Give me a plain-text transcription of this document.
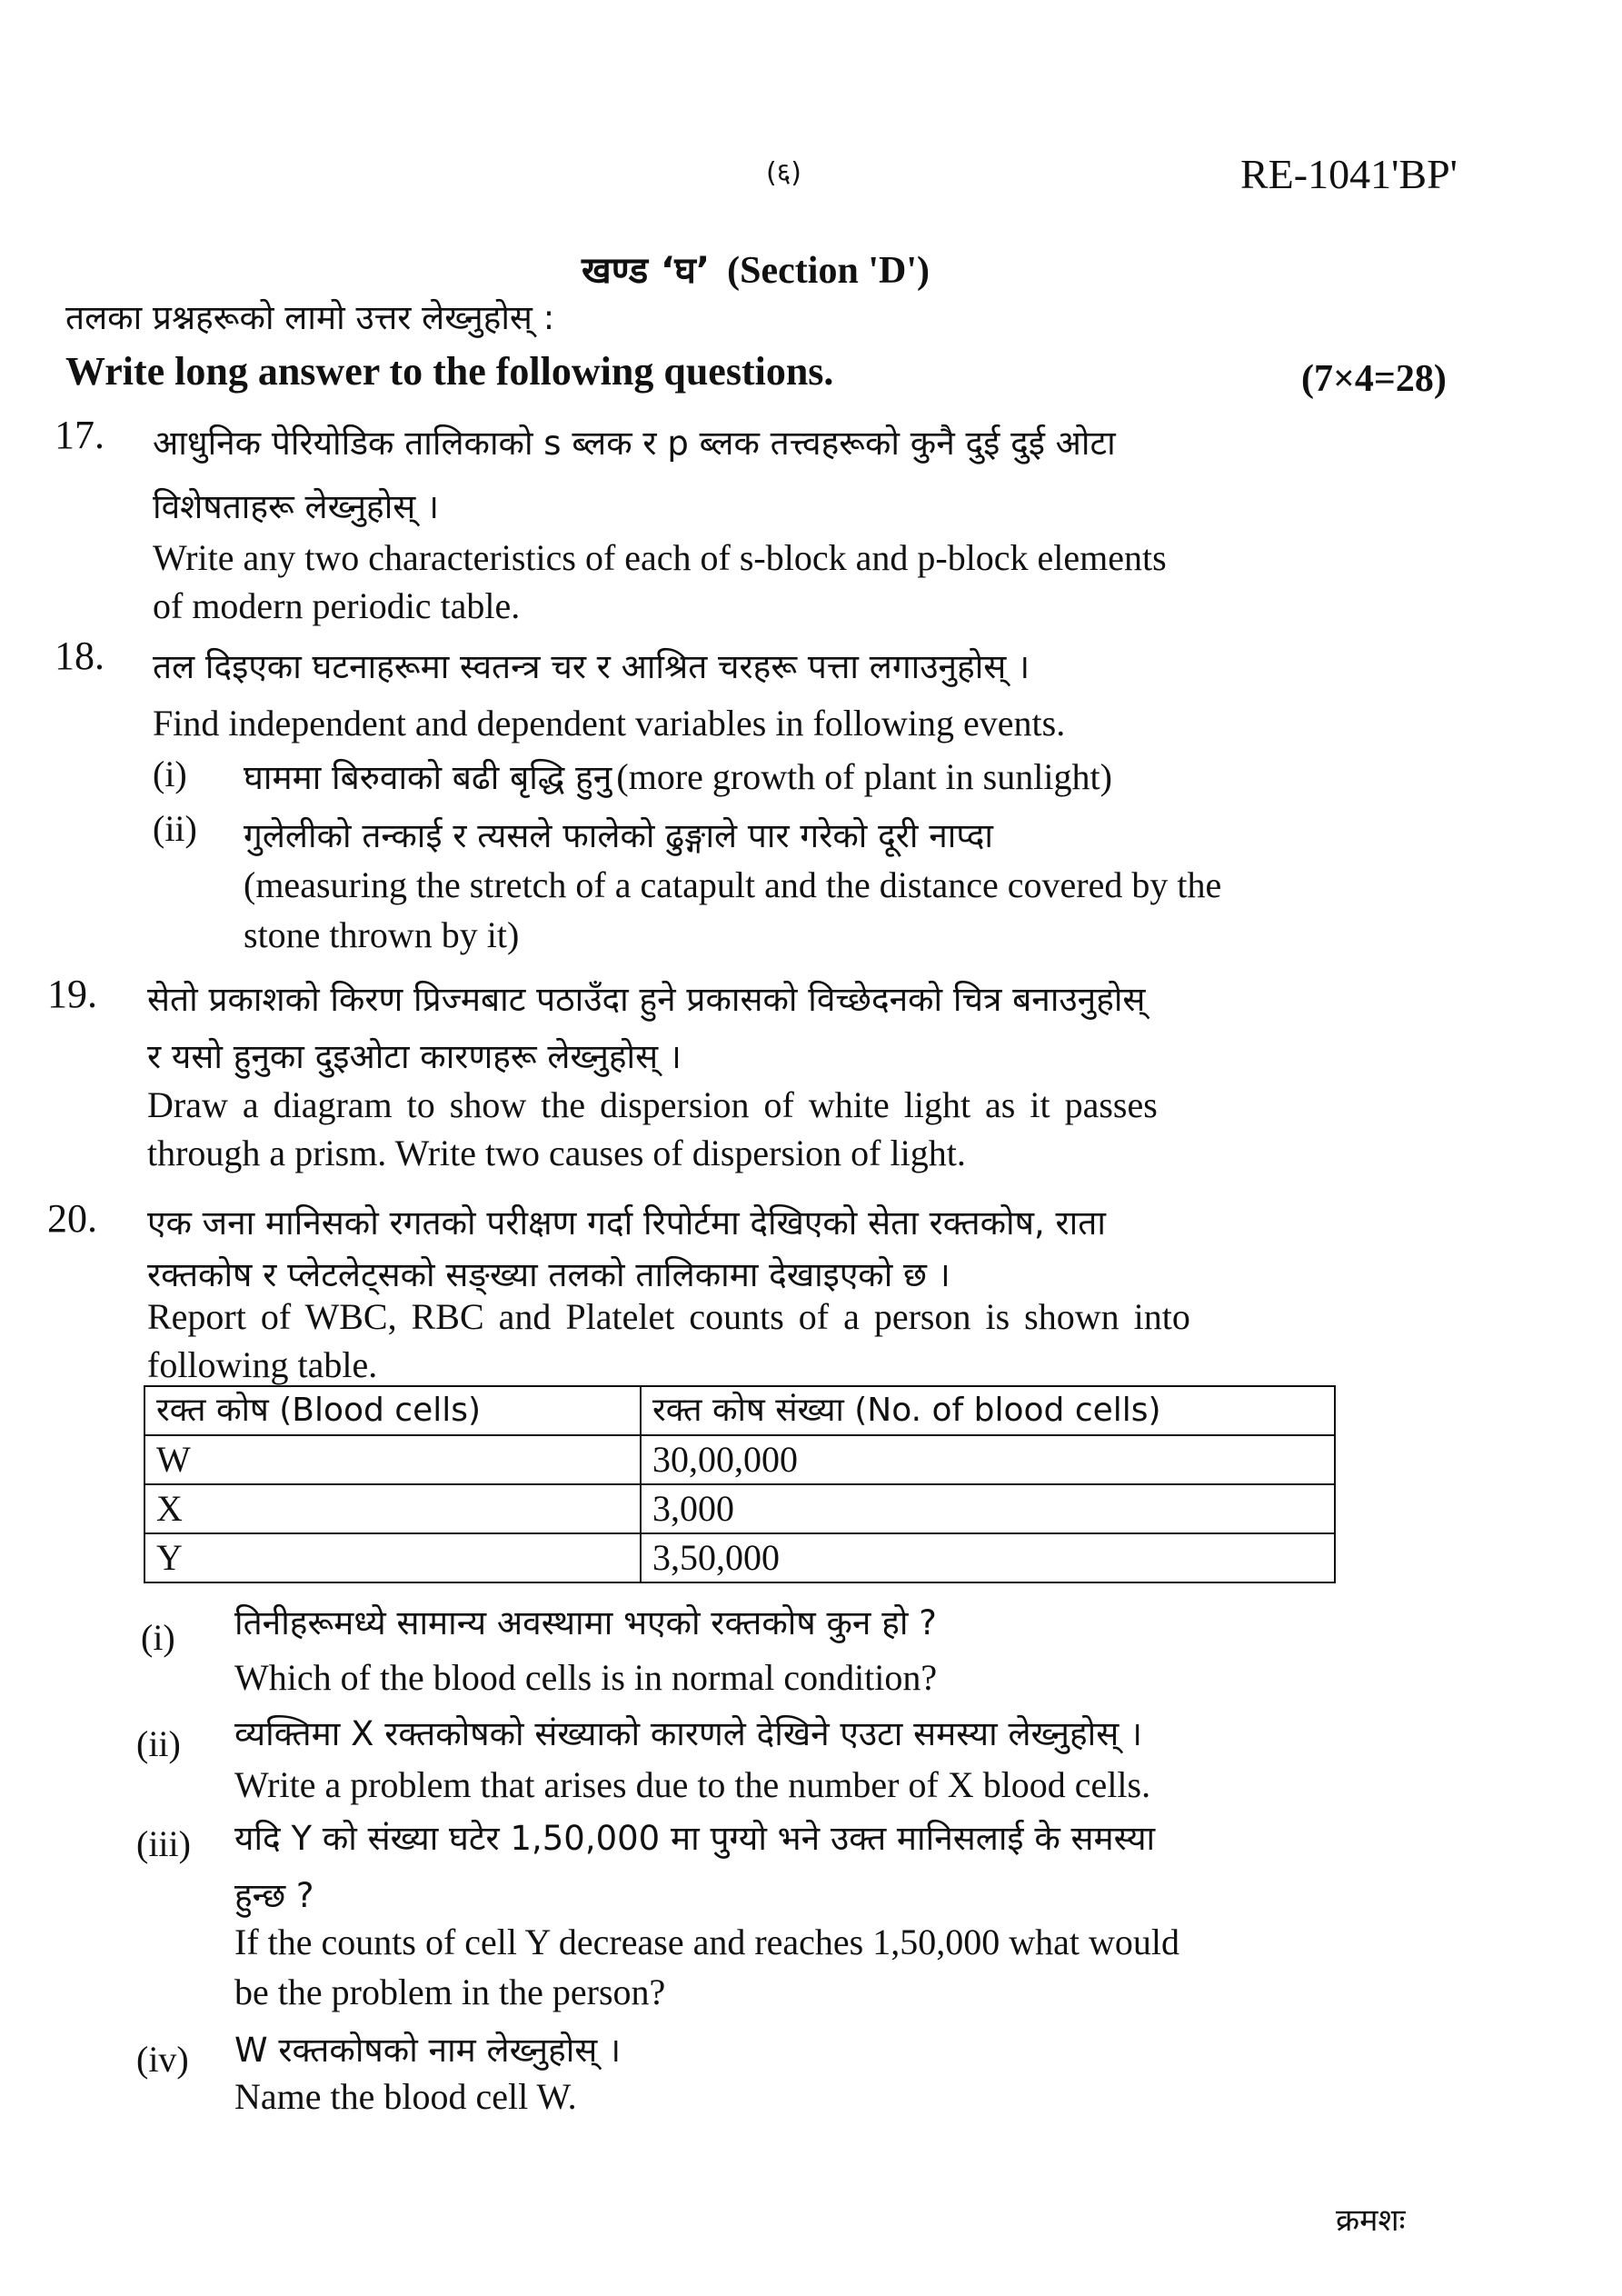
(६)	RE-1041'BP'
खण्ड ‘घ’ (Section 'D')
तलका प्रश्नहरूको लामो उत्तर लेख्नुहोस् :
Write long answer to the following questions.	(7×4=28)
17. आधुनिक पेरियोडिक तालिकाको s ब्लक र p ब्लक तत्त्वहरूको कुनै दुई दुई ओटा
विशेषताहरू लेख्नुहोस् ।
Write any two characteristics of each of s-block and p-block elements
of modern periodic table.
18. तल दिइएका घटनाहरूमा स्वतन्त्र चर र आश्रित चरहरू पत्ता लगाउनुहोस् ।
Find independent and dependent variables in following events.
(i) घाममा बिरुवाको बढी बृद्धि हुनु (more growth of plant in sunlight)
(ii) गुलेलीको तन्काई र त्यसले फालेको ढुङ्गाले पार गरेको दूरी नाप्दा
(measuring the stretch of a catapult and the distance covered by the
stone thrown by it)
19. सेतो प्रकाशको किरण प्रिज्मबाट पठाउँदा हुने प्रकासको विच्छेदनको चित्र बनाउनुहोस्
र यसो हुनुका दुइओटा कारणहरू लेख्नुहोस् ।
Draw a diagram to show the dispersion of white light as it passes
through a prism. Write two causes of dispersion of light.
20. एक जना मानिसको रगतको परीक्षण गर्दा रिपोर्टमा देखिएको सेता रक्तकोष, राता
रक्तकोष र प्लेटलेट्सको सङ्ख्या तलको तालिकामा देखाइएको छ ।
Report of WBC, RBC and Platelet counts of a person is shown into
following table.
रक्त कोष (Blood cells)	रक्त कोष संख्या (No. of blood cells)
W	30,00,000
X	3,000
Y	3,50,000
(i) तिनीहरूमध्ये सामान्य अवस्थामा भएको रक्तकोष कुन हो ?
Which of the blood cells is in normal condition?
(ii) व्यक्तिमा X रक्तकोषको संख्याको कारणले देखिने एउटा समस्या लेख्नुहोस् ।
Write a problem that arises due to the number of X blood cells.
(iii) यदि Y को संख्या घटेर 1,50,000 मा पुग्यो भने उक्त मानिसलाई के समस्या
हुन्छ ?
If the counts of cell Y decrease and reaches 1,50,000 what would
be the problem in the person?
(iv) W रक्तकोषको नाम लेख्नुहोस् ।
Name the blood cell W.
क्रमशः
